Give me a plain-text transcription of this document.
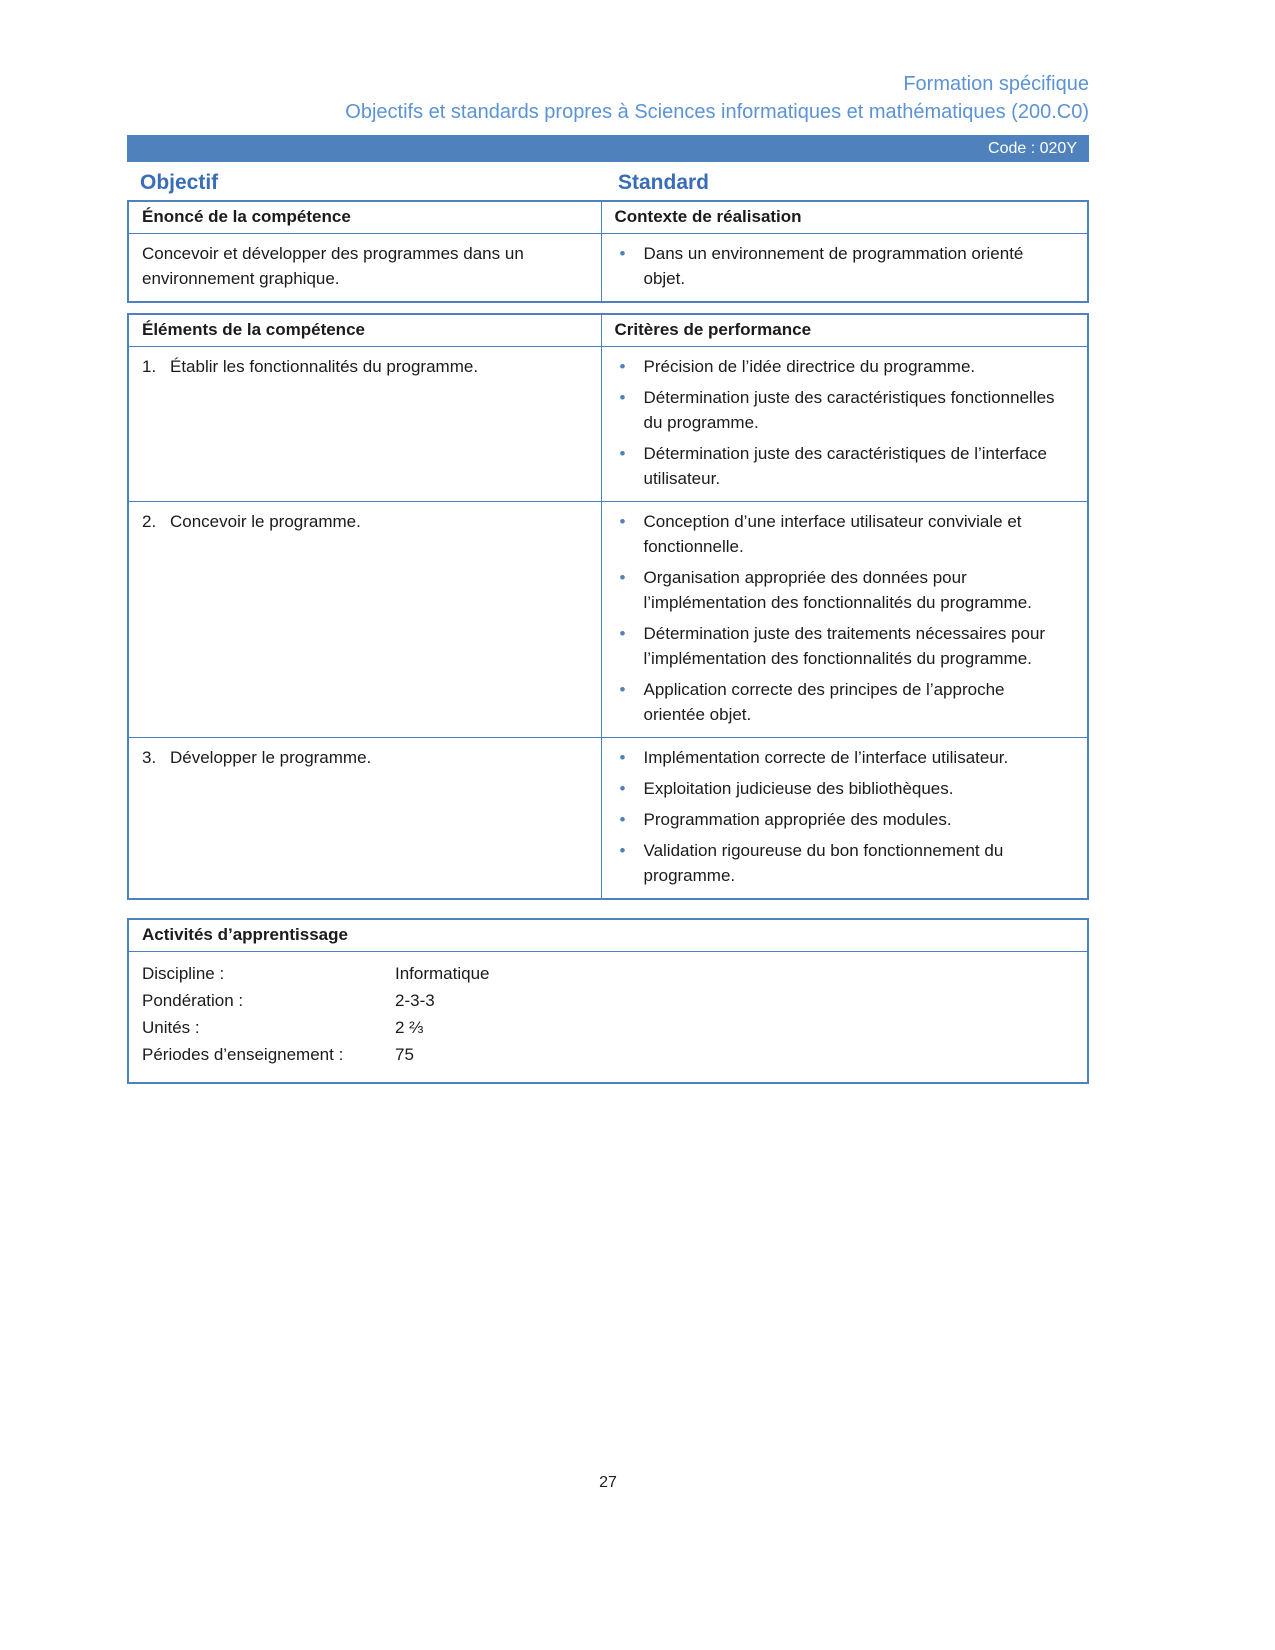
Formation spécifique
Objectifs et standards propres à Sciences informatiques et mathématiques (200.C0)
Code : 020Y
Objectif	Standard
Énoncé de la compétence	Contexte de réalisation
Concevoir et développer des programmes dans un environnement graphique.	• Dans un environnement de programmation orienté objet.
Éléments de la compétence	Critères de performance

1. Établir les fonctionnalités du programme.	•	Précision de l’idée directrice du programme.
•	Détermination juste des caractéristiques fonctionnelles du programme.
•	Détermination juste des caractéristiques de l’interface utilisateur.

2. Concevoir le programme.	•	Conception d’une interface utilisateur conviviale et fonctionnelle.
•	Organisation appropriée des données pour l’implémentation des fonctionnalités du programme.
•	Détermination juste des traitements nécessaires pour l’implémentation des fonctionnalités du programme.
•	Application correcte des principes de l’approche orientée objet.

3. Développer le programme.	•	Implémentation correcte de l’interface utilisateur.
•	Exploitation judicieuse des bibliothèques.
•	Programmation appropriée des modules.
•	Validation rigoureuse du bon fonctionnement du programme.
Activités d’apprentissage
Discipline :	Informatique
Pondération :	2-3-3
Unités :	2 ⅔
Périodes d’enseignement :	75
27
